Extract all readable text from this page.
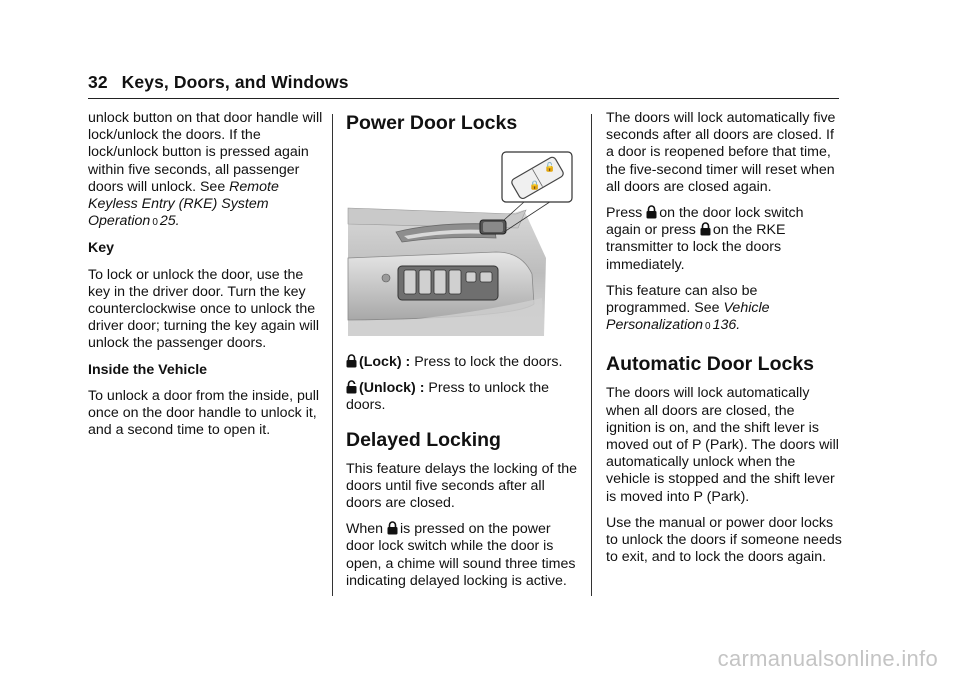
32 Keys, Doors, and Windows

unlock button on that door handle will lock/unlock the doors. If the lock/unlock button is pressed again within five seconds, all passenger doors will unlock. See Remote Keyless Entry (RKE) System Operation 0 25.

Key

To lock or unlock the door, use the key in the driver door. Turn the key counterclockwise once to unlock the driver door; turning the key again will unlock the passenger doors.

Inside the Vehicle

To unlock a door from the inside, pull once on the door handle to unlock it, and a second time to open it.

Power Door Locks
🔒
🔓

(Lock) : Press to lock the doors.

(Unlock) : Press to unlock the doors.

Delayed Locking

This feature delays the locking of the doors until five seconds after all doors are closed.

When
is pressed on the power door lock switch while the door is open, a chime will sound three times indicating delayed locking is active.

The doors will lock automatically five seconds after all doors are closed. If a door is reopened before that time, the five-second timer will reset when all doors are closed again.

Press
on the door lock switch again or press
on the RKE transmitter to lock the doors immediately.

This feature can also be programmed. See Vehicle Personalization 0 136.

Automatic Door Locks

The doors will lock automatically when all doors are closed, the ignition is on, and the shift lever is moved out of P (Park). The doors will automatically unlock when the vehicle is stopped and the shift lever is moved into P (Park).

Use the manual or power door locks to unlock the doors if someone needs to exit, and to lock the doors again.

carmanualsonline.info
